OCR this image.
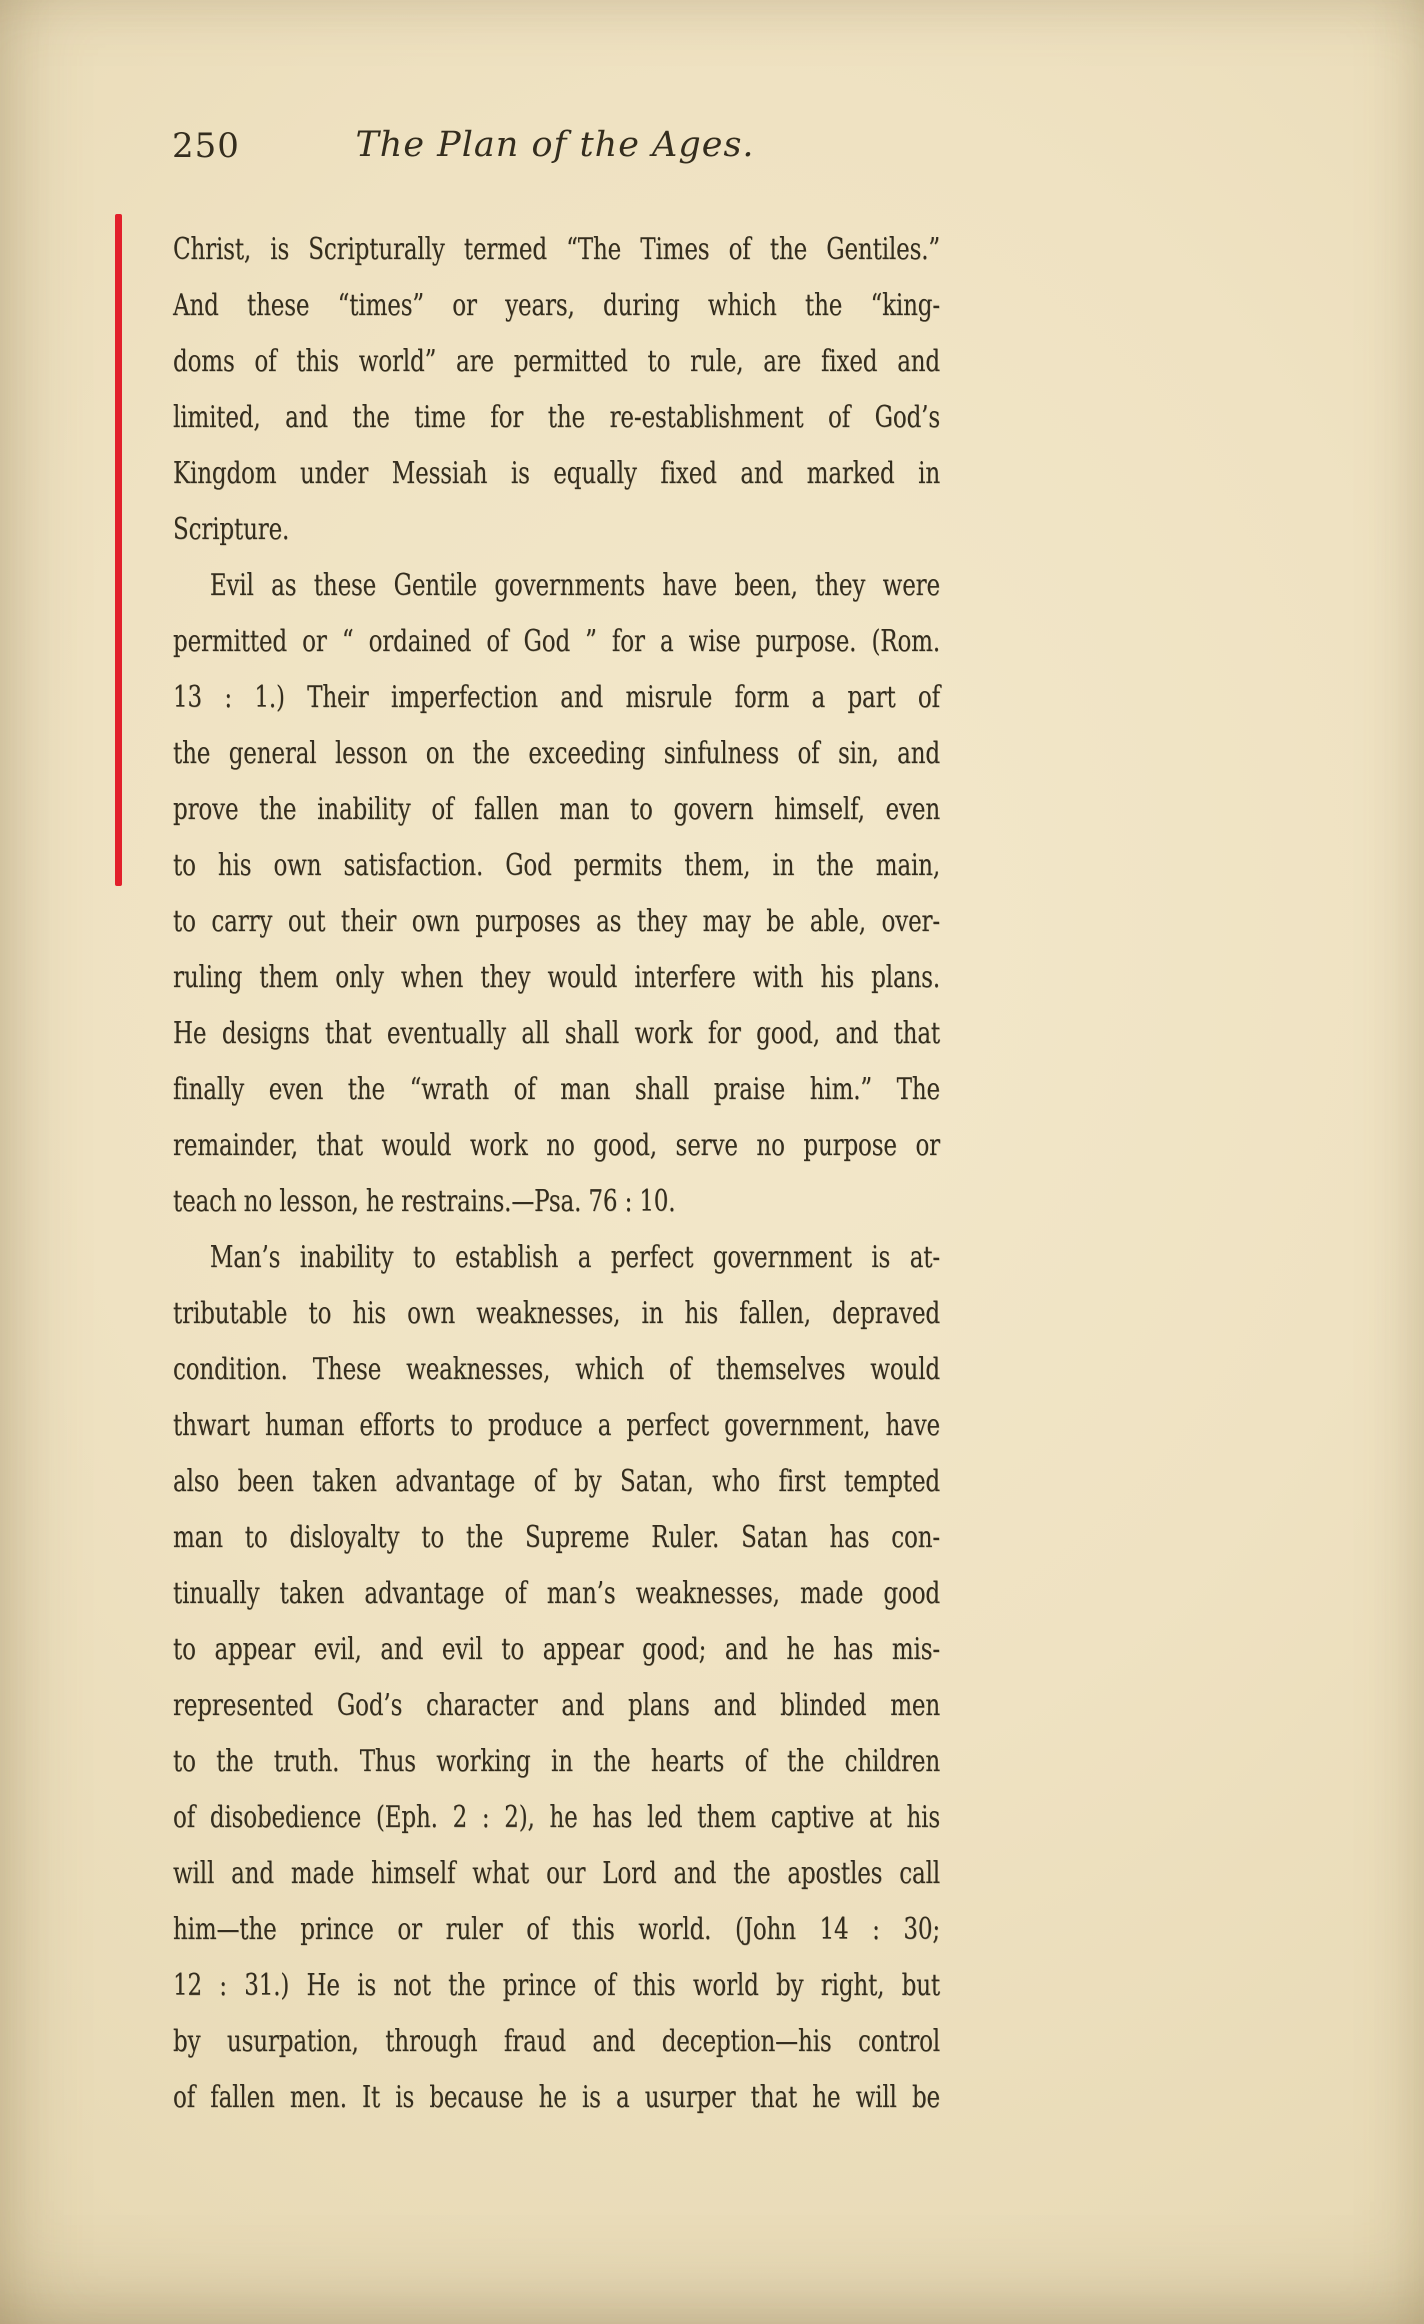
250	The Plan of the Ages.
Christ, is Scripturally termed “The Times of the Gentiles.”
And these “times” or years, during which the “king-
doms of this world” are permitted to rule, are fixed and
limited, and the time for the re-establishment of God’s
Kingdom under Messiah is equally fixed and marked in
Scripture.
Evil as these Gentile governments have been, they were
permitted or “ ordained of God ” for a wise purpose. (Rom.
13 : 1.) Their imperfection and misrule form a part of
the general lesson on the exceeding sinfulness of sin, and
prove the inability of fallen man to govern himself, even
to his own satisfaction. God permits them, in the main,
to carry out their own purposes as they may be able, over-
ruling them only when they would interfere with his plans.
He designs that eventually all shall work for good, and that
finally even the “wrath of man shall praise him.” The
remainder, that would work no good, serve no purpose or
teach no lesson, he restrains.—Psa. 76 : 10.
Man’s inability to establish a perfect government is at-
tributable to his own weaknesses, in his fallen, depraved
condition. These weaknesses, which of themselves would
thwart human efforts to produce a perfect government, have
also been taken advantage of by Satan, who first tempted
man to disloyalty to the Supreme Ruler. Satan has con-
tinually taken advantage of man’s weaknesses, made good
to appear evil, and evil to appear good; and he has mis-
represented God’s character and plans and blinded men
to the truth. Thus working in the hearts of the children
of disobedience (Eph. 2 : 2), he has led them captive at his
will and made himself what our Lord and the apostles call
him—the prince or ruler of this world. (John 14 : 30;
12 : 31.) He is not the prince of this world by right, but
by usurpation, through fraud and deception—his control
of fallen men. It is because he is a usurper that he will be
